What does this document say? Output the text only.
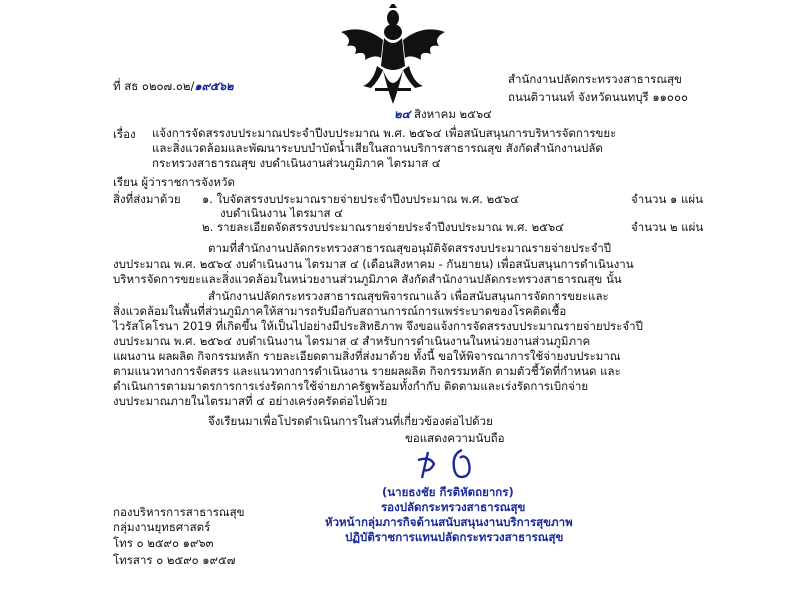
ที่ สธ ๐๒๐๗.๐๒/๑๙๕๖๒	สำนักงานปลัดกระทรวงสาธารณสุข
ถนนติวานนท์ จังหวัดนนทบุรี ๑๑๐๐๐
๒๔ สิงหาคม ๒๕๖๔
เรื่อง แจ้งการจัดสรรงบประมาณประจำปีงบประมาณ พ.ศ. ๒๕๖๔ เพื่อสนับสนุนการบริหารจัดการขยะ
และสิ่งแวดล้อมและพัฒนาระบบบำบัดน้ำเสียในสถานบริการสาธารณสุข สังกัดสำนักงานปลัด
กระทรวงสาธารณสุข งบดำเนินงานส่วนภูมิภาค ไตรมาส ๔
เรียน ผู้ว่าราชการจังหวัด
สิ่งที่ส่งมาด้วย ๑. ใบจัดสรรงบประมาณรายจ่ายประจำปีงบประมาณ พ.ศ. ๒๕๖๔
งบดำเนินงาน ไตรมาส ๔
จำนวน ๑ แผ่น
๒. รายละเอียดจัดสรรงบประมาณรายจ่ายประจำปีงบประมาณ พ.ศ. ๒๕๖๔	จำนวน ๒ แผ่น
ตามที่สำนักงานปลัดกระทรวงสาธารณสุขอนุมัติจัดสรรงบประมาณรายจ่ายประจำปี
งบประมาณ พ.ศ. ๒๕๖๔ งบดำเนินงาน ไตรมาส ๔ (เดือนสิงหาคม - กันยายน) เพื่อสนับสนุนการดำเนินงาน
บริหารจัดการขยะและสิ่งแวดล้อมในหน่วยงานส่วนภูมิภาค สังกัดสำนักงานปลัดกระทรวงสาธารณสุข นั้น
สำนักงานปลัดกระทรวงสาธารณสุขพิจารณาแล้ว เพื่อสนับสนุนการจัดการขยะและ
สิ่งแวดล้อมในพื้นที่ส่วนภูมิภาคให้สามารถรับมือกับสถานการณ์การแพร่ระบาดของโรคติดเชื้อ
ไวรัสโคโรนา 2019 ที่เกิดขึ้น ให้เป็นไปอย่างมีประสิทธิภาพ จึงขอแจ้งการจัดสรรงบประมาณรายจ่ายประจำปี
งบประมาณ พ.ศ. ๒๕๖๔ งบดำเนินงาน ไตรมาส ๔ สำหรับการดำเนินงานในหน่วยงานส่วนภูมิภาค
แผนงาน ผลผลิต กิจกรรมหลัก รายละเอียดตามสิ่งที่ส่งมาด้วย ทั้งนี้ ขอให้พิจารณาการใช้จ่ายงบประมาณ
ตามแนวทางการจัดสรร และแนวทางการดำเนินงาน รายผลผลิต กิจกรรมหลัก ตามตัวชี้วัดที่กำหนด และ
ดำเนินการตามมาตรการการเร่งรัดการใช้จ่ายภาครัฐพร้อมทั้งกำกับ ติดตามและเร่งรัดการเบิกจ่าย
งบประมาณภายในไตรมาสที่ ๔ อย่างเคร่งครัดต่อไปด้วย
จึงเรียนมาเพื่อโปรดดำเนินการในส่วนที่เกี่ยวข้องต่อไปด้วย
ขอแสดงความนับถือ
(นายธงชัย กีรติหัตถยากร)
รองปลัดกระทรวงสาธารณสุข
หัวหน้ากลุ่มภารกิจด้านสนับสนุนงานบริการสุขภาพ
ปฏิบัติราชการแทนปลัดกระทรวงสาธารณสุข
กองบริหารการสาธารณสุข
กลุ่มงานยุทธศาสตร์
โทร ๐ ๒๕๙๐ ๑๙๖๓
โทรสาร ๐ ๒๕๙๐ ๑๙๕๗
